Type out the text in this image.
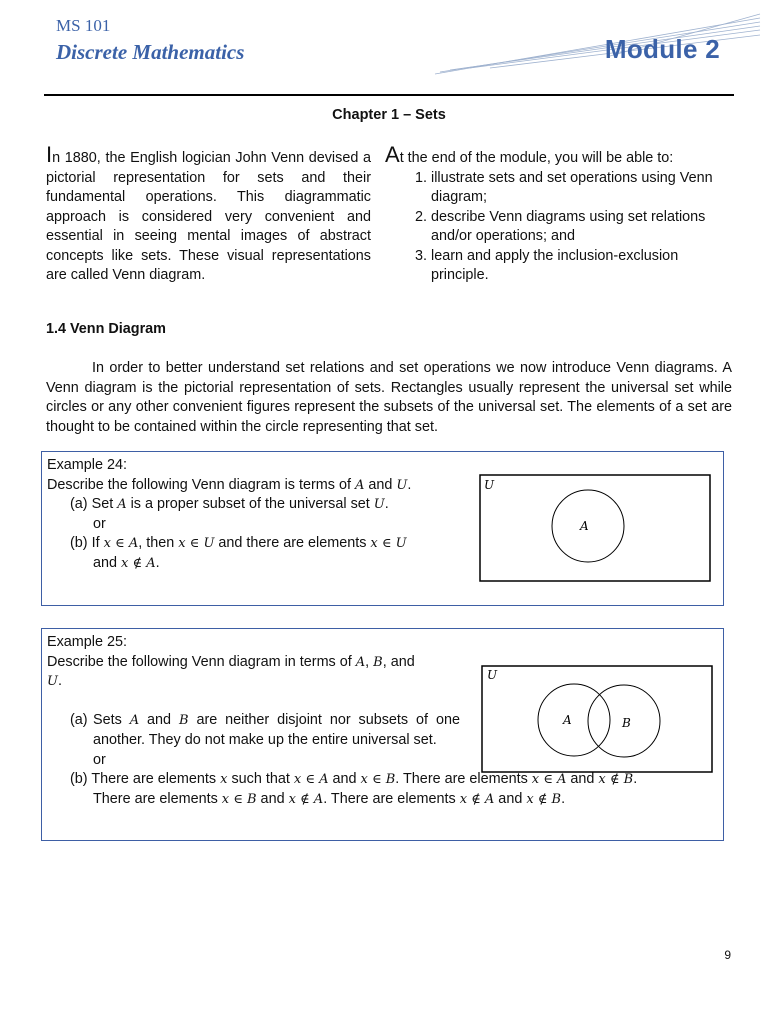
MS 101
Discrete Mathematics	Module 2
Chapter 1 – Sets
In 1880, the English logician John Venn devised a pictorial representation for sets and their fundamental operations. This diagrammatic approach is considered very convenient and essential in seeing mental images of abstract concepts like sets. These visual representations are called Venn diagram.
At the end of the module, you will be able to:
1. illustrate sets and set operations using Venn diagram;
2. describe Venn diagrams using set relations and/or operations; and
3. learn and apply the inclusion-exclusion principle.
1.4 Venn Diagram
In order to better understand set relations and set operations we now introduce Venn diagrams. A Venn diagram is the pictorial representation of sets. Rectangles usually represent the universal set while circles or any other convenient figures represent the subsets of the universal set. The elements of a set are thought to be contained within the circle representing that set.
Example 24:
Describe the following Venn diagram is terms of A and U.
(a) Set A is a proper subset of the universal set U.
or
(b) If x ∈ A, then x ∈ U and there are elements x ∈ U
and x ∉ A.
U
A
Example 25:
Describe the following Venn diagram in terms of A, B, and
U.
(a) Sets A and B are neither disjoint nor subsets of one another. They do not make up the entire universal set.
or
(b) There are elements x such that x ∈ A and x ∈ B. There are elements x ∈ A and x ∉ B.
There are elements x ∈ B and x ∉ A. There are elements x ∉ A and x ∉ B.
U
A	B
9
